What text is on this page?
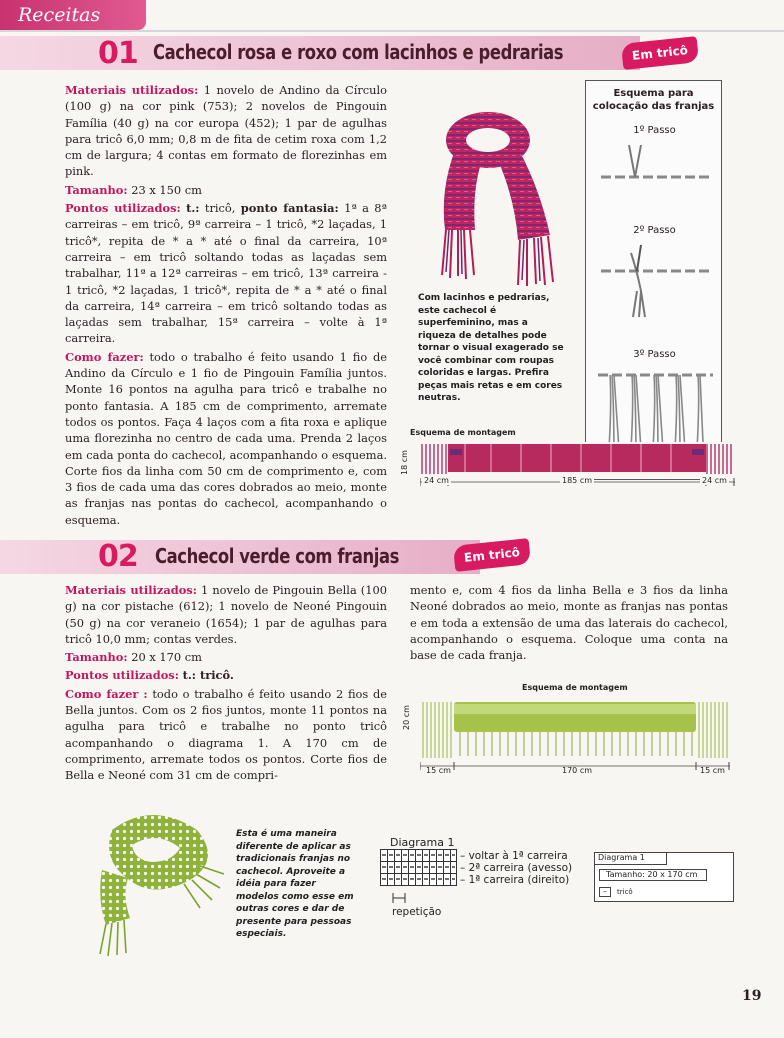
Receitas
01 Cachecol rosa e roxo com lacinhos e pedrarias	Em tricô

Materiais utilizados: 1 novelo de Andino da Círculo (100 g) na cor pink (753); 2 novelos de Pingouin Família (40 g) na cor europa (452); 1 par de agulhas para tricô 6,0 mm; 0,8 m de fita de cetim roxa com 1,2 cm de largura; 4 contas em formato de florezinhas em pink.

Tamanho: 23 x 150 cm

Pontos utilizados: t.: tricô, ponto fantasia: 1ª a 8ª carreiras – em tricô, 9ª carreira – 1 tricô, *2 laçadas, 1 tricô*, repita de * a * até o final da carreira, 10ª carreira – em tricô soltando todas as laçadas sem trabalhar, 11ª a 12ª carreiras – em tricô, 13ª carreira - 1 tricô, *2 laçadas, 1 tricô*, repita de * a * até o final da carreira, 14ª carreira – em tricô soltando todas as laçadas sem trabalhar, 15ª carreira – volte à 1ª carreira.

Como fazer: todo o trabalho é feito usando 1 fio de Andino da Círculo e 1 fio de Pingouin Família juntos. Monte 16 pontos na agulha para tricô e trabalhe no ponto fantasia. A 185 cm de comprimento, arremate todos os pontos. Faça 4 laços com a fita roxa e aplique uma florezinha no centro de cada uma. Prenda 2 laços em cada ponta do cachecol, acompanhando o esquema. Corte fios da linha com 50 cm de comprimento e, com 3 fios de cada uma das cores dobrados ao meio, monte as franjas nas pontas do cachecol, acompanhando o esquema.

Com lacinhos e pedrarias, este cachecol é superfeminino, mas a riqueza de detalhes pode tornar o visual exagerado se você combinar com roupas coloridas e largas. Prefira peças mais retas e em cores neutras.
Esquema para colocação das franjas
1º Passo
2º Passo
3º Passo
Esquema de montagem
18 cm
24 cm	185 cm	24 cm
02 Cachecol verde com franjas	Em tricô

Materiais utilizados: 1 novelo de Pingouin Bella (100 g) na cor pistache (612); 1 novelo de Neoné Pingouin (50 g) na cor veraneio (1654); 1 par de agulhas para tricô 10,0 mm; contas verdes.

Tamanho: 20 x 170 cm

Pontos utilizados: t.: tricô.

Como fazer : todo o trabalho é feito usando 2 fios de Bella juntos. Com os 2 fios juntos, monte 11 pontos na agulha para tricô e trabalhe no ponto tricô acompanhando o diagrama 1. A 170 cm de comprimento, arremate todos os pontos. Corte fios de Bella e Neoné com 31 cm de compri-

mento e, com 4 fios da linha Bella e 3 fios da linha Neoné dobrados ao meio, monte as franjas nas pontas e em toda a extensão de uma das laterais do cachecol, acompanhando o esquema. Coloque uma conta na base de cada franja.
Esquema de montagem
20 cm
15 cm	170 cm	15 cm
Esta é uma maneira diferente de aplicar as tradicionais franjas no cachecol. Aproveite a idéia para fazer modelos como esse em outras cores e dar de presente para pessoas especiais.
Diagrama 1
– voltar à 1ª carreira
– 2ª carreira (avesso)
– 1ª carreira (direito)
repetição
Diagrama 1
Tamanho: 20 x 170 cm
–	tricô
19
